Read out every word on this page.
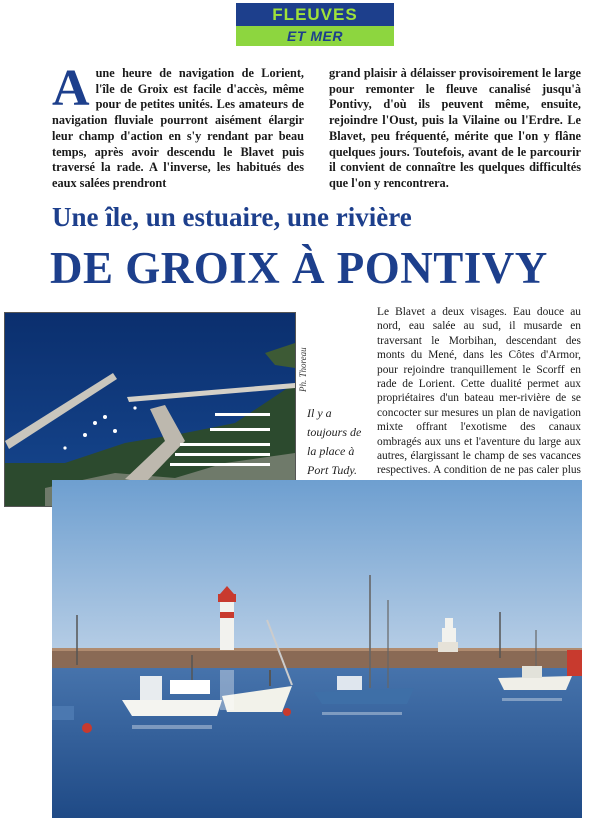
FLEUVES
ET MER
A une heure de navigation de Lorient, l'île de Groix est facile d'accès, même pour de petites unités. Les amateurs de navigation fluviale pourront aisément élargir leur champ d'action en s'y rendant par beau temps, après avoir descendu le Blavet puis traversé la rade. A l'inverse, les habitués des eaux salées prendront
grand plaisir à délaisser provisoirement le large pour remonter le fleuve canalisé jusqu'à Pontivy, d'où ils peuvent même, ensuite, rejoindre l'Oust, puis la Vilaine ou l'Erdre. Le Blavet, peu fréquenté, mérite que l'on y flâne quelques jours. Toutefois, avant de le parcourir il convient de connaître les quelques difficultés que l'on y rencontrera.
Une île, un estuaire, une rivière
DE GROIX À PONTIVY
Ph. Thoreau
Il y a toujours de la place à Port Tudy.
Le Blavet a deux visages. Eau douce au nord, eau salée au sud, il musarde en traversant le Morbihan, descendant des monts du Mené, dans les Côtes d'Armor, pour rejoindre tranquillement le Scorff en rade de Lorient. Cette dualité permet aux propriétaires d'un bateau mer-rivière de se concocter sur mesures un plan de navigation mixte offrant l'exotisme des canaux ombragés aux uns et l'aventure du large aux autres, élargissant le champ de ses vacances respectives. A condition de ne pas caler plus
